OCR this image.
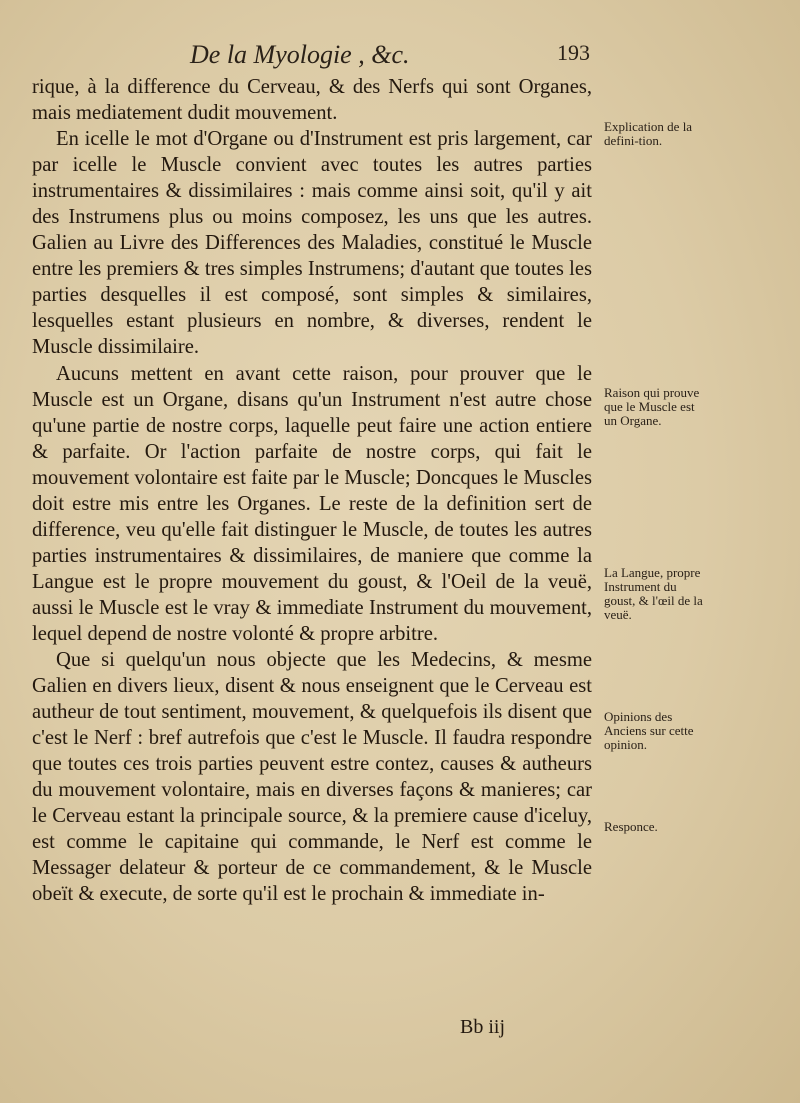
De la Myologie , &c.	193

rique, à la difference du Cerveau, & des Nerfs qui sont Organes, mais mediatement dudit mouvement.

En icelle le mot d'Organe ou d'Instrument est pris largement, car par icelle le Muscle convient avec toutes les autres parties instrumentaires & dissimilaires : mais comme ainsi soit, qu'il y ait des Instrumens plus ou moins composez, les uns que les autres. Galien au Livre des Differences des Maladies, constitué le Muscle entre les premiers & tres simples Instrumens; d'autant que toutes les parties desquelles il est composé, sont simples & similaires, lesquelles estant plusieurs en nombre, & diverses, rendent le Muscle dissimilaire.

Aucuns mettent en avant cette raison, pour prouver que le Muscle est un Organe, disans qu'un Instrument n'est autre chose qu'une partie de nostre corps, laquelle peut faire une action entiere & parfaite. Or l'action parfaite de nostre corps, qui fait le mouvement volontaire est faite par le Muscle; Doncques le Muscles doit estre mis entre les Organes. Le reste de la definition sert de difference, veu qu'elle fait distinguer le Muscle, de toutes les autres parties instrumentaires & dissimilaires, de maniere que comme la Langue est le propre mouvement du goust, & l'Oeil de la veuë, aussi le Muscle est le vray & immediate Instrument du mouvement, lequel depend de nostre volonté & propre arbitre.

Que si quelqu'un nous objecte que les Medecins, & mesme Galien en divers lieux, disent & nous enseignent que le Cerveau est autheur de tout sentiment, mouvement, & quelquefois ils disent que c'est le Nerf : bref autrefois que c'est le Muscle. Il faudra respondre que toutes ces trois parties peuvent estre contez, causes & autheurs du mouvement volontaire, mais en diverses façons & manieres; car le Cerveau estant la principale source, & la premiere cause d'iceluy, est comme le capitaine qui commande, le Nerf est comme le Messager delateur & porteur de ce commandement, & le Muscle obeït & execute, de sorte qu'il est le prochain & immediate in-

Explication de la defini-tion.
Raison qui prouve que le Muscle est un Organe.
La Langue, propre Instrument du goust, & l'œil de la veuë.
Opinions des Anciens sur cette opinion.
Responce.
Bb iij
